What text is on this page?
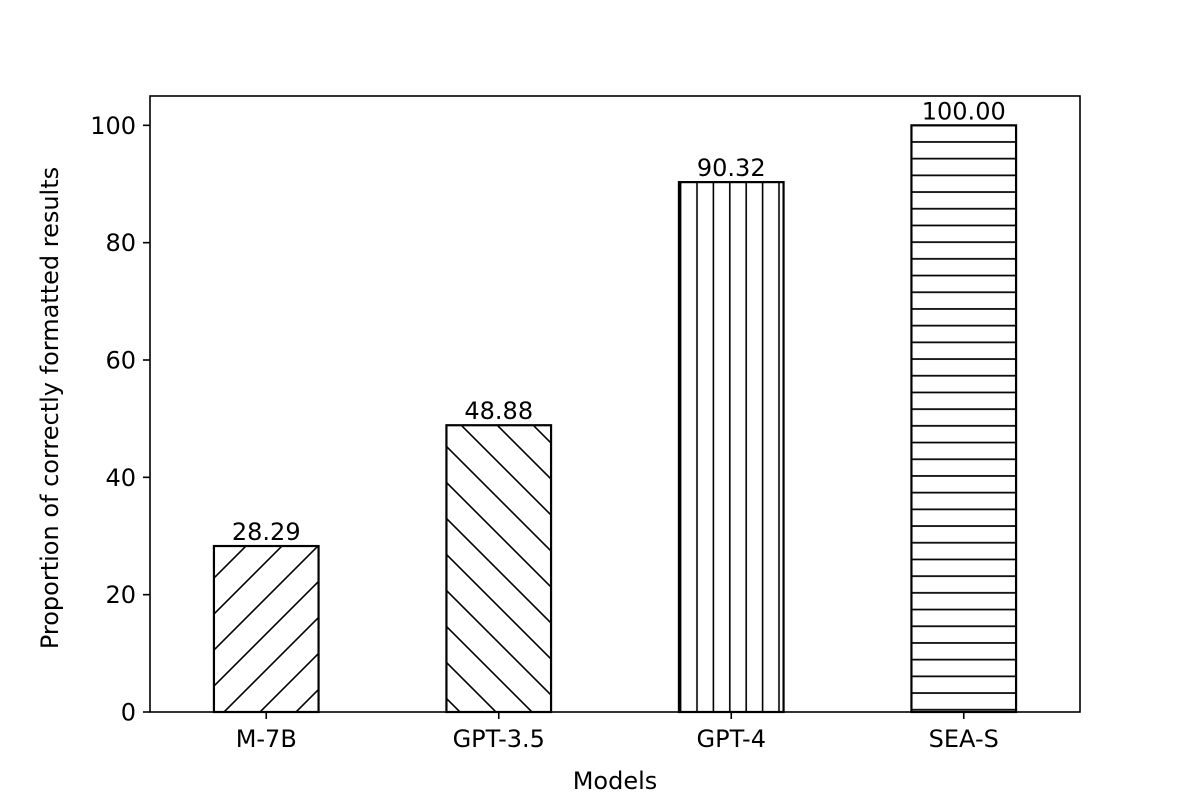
28.29
48.88
90.32
100.00
0
20
40
60
80
100
M-7B	GPT-3.5	GPT-4	SEA-S
Models
Proportion of correctly formatted results
